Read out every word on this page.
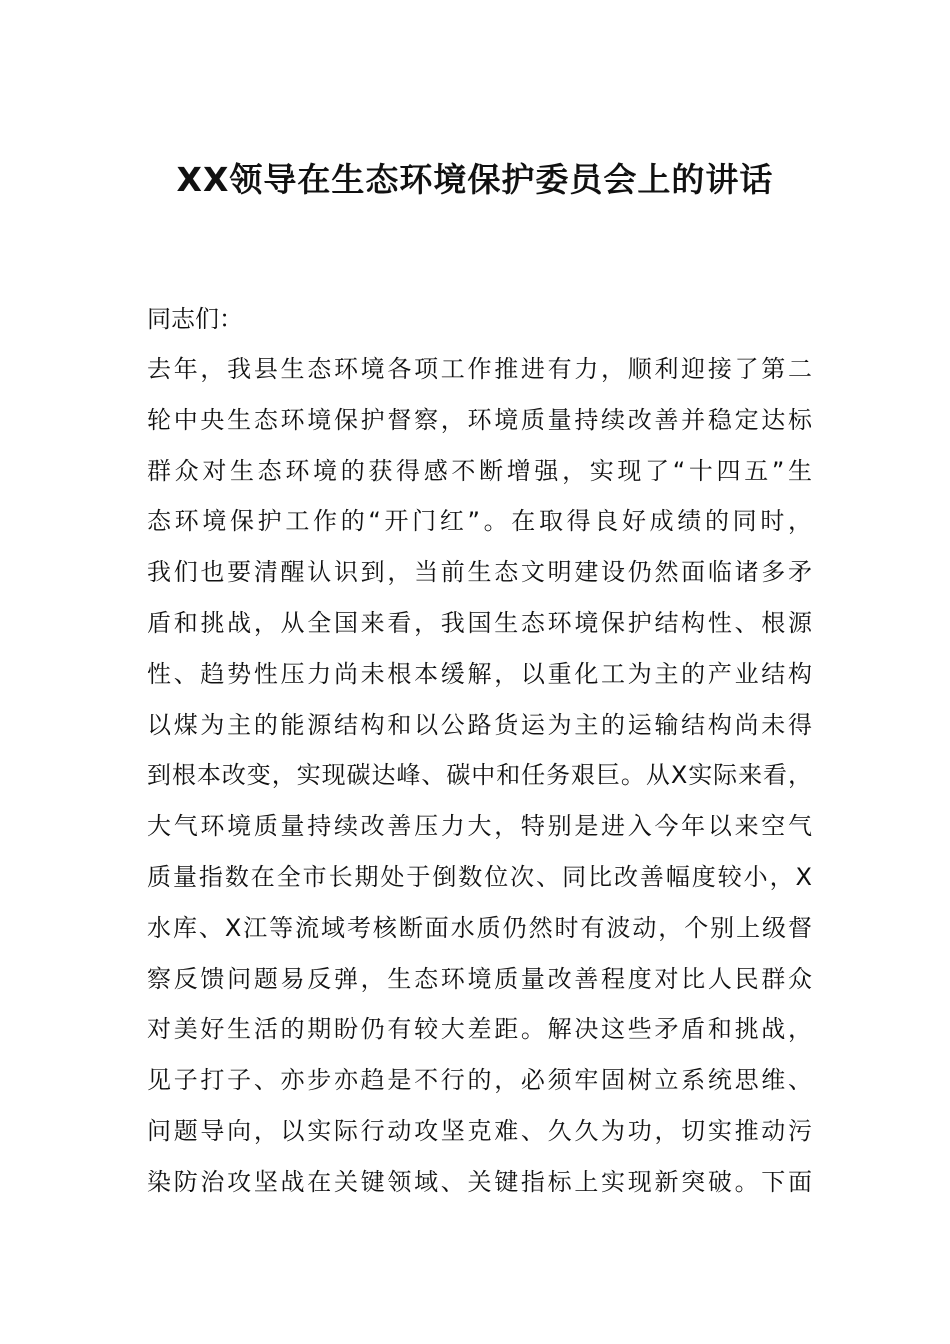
XX领导在生态环境保护委员会上的讲话
同志们：
去年，我县生态环境各项工作推进有力，顺利迎接了第二
轮中央生态环境保护督察，环境质量持续改善并稳定达标
群众对生态环境的获得感不断增强，实现了“十四五”生
态环境保护工作的“开门红”。在取得良好成绩的同时，
我们也要清醒认识到，当前生态文明建设仍然面临诸多矛
盾和挑战，从全国来看，我国生态环境保护结构性、根源
性、趋势性压力尚未根本缓解，以重化工为主的产业结构
以煤为主的能源结构和以公路货运为主的运输结构尚未得
到根本改变，实现碳达峰、碳中和任务艰巨。从X实际来看，
大气环境质量持续改善压力大，特别是进入今年以来空气
质量指数在全市长期处于倒数位次、同比改善幅度较小，X
水库、X江等流域考核断面水质仍然时有波动，个别上级督
察反馈问题易反弹，生态环境质量改善程度对比人民群众
对美好生活的期盼仍有较大差距。解决这些矛盾和挑战，
见子打子、亦步亦趋是不行的，必须牢固树立系统思维、
问题导向，以实际行动攻坚克难、久久为功，切实推动污
染防治攻坚战在关键领域、关键指标上实现新突破。下面
